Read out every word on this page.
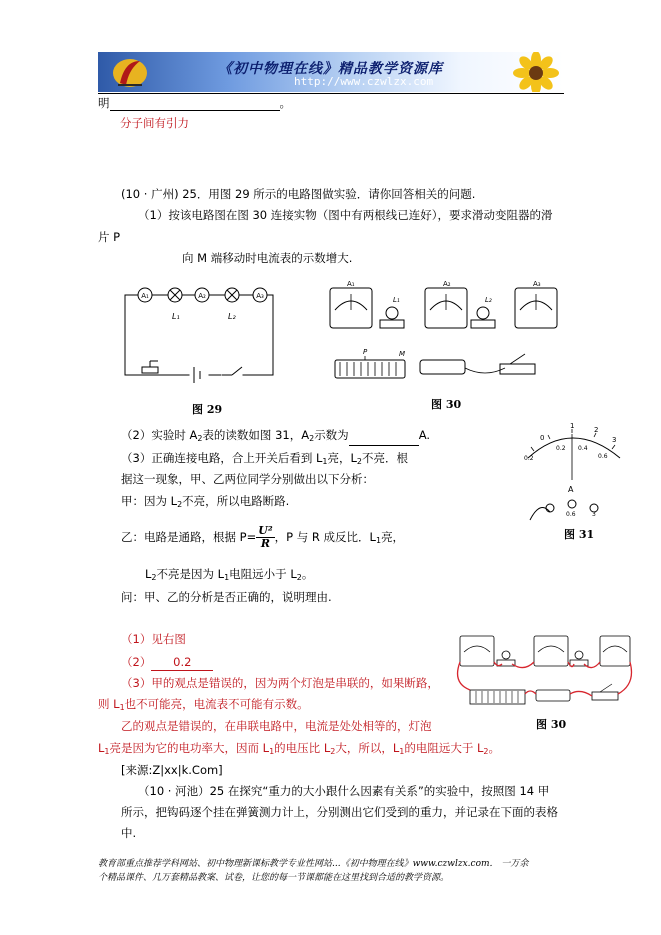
《初中物理在线》精品教学资源库
http://www.czwlzx.com
明	。
分子间有引力
(10 · 广州) 25．用图 29 所示的电路图做实验．请你回答相关的问题.
（1）按该电路图在图 30 连接实物（图中有两根线已连好），要求滑动变阻器的滑
片 P
向 M 端移动时电流表的示数增大.
A₁	A₂	A₃
L₁	L₂
图 29
A₁	A₂	A₃
L₁	L₂
P	M
图 30
（2）实验时 $A_2$表的读数如图 31，$A_2$示数为	A.
（3）正确连接电路，合上开关后看到 $L_1$亮，$L_2$不亮．根
据这一现象，甲、乙两位同学分别做出以下分析：
甲：因为 $L_2$不亮，所以电路断路.
乙：电路是通路，根据 $P= \frac{\text{U²}}{R}$ ，P 与 R 成反比．$L_1$亮，
$L_2$不亮是因为 $L_1$电阻远小于 $L_2$。
问：甲、乙的分析是否正确的，说明理由.
0
1	2
3
0.2
0.2 0.4
0.6
A
0.6	3
图 31
（1）见右图
（2） 0.2
（3）甲的观点是错误的，因为两个灯泡是串联的，如果断路，
则 $L_1$也不可能亮，电流表不可能有示数。
乙的观点是错误的，在串联电路中，电流是处处相等的，灯泡
$L_1$亮是因为它的电功率大，因而 $L_1$的电压比 $L_2$大，所以，$L_1$的电阻远大于 $L_2$。
图 30
[来源:Z|xx|k.Com]
（10 · 河池）25 在探究“重力的大小跟什么因素有关系”的实验中，按照图 14 甲
所示，把钩码逐个挂在弹簧测力计上，分别测出它们受到的重力，并记录在下面的表格
中.
教育部重点推荐学科网站、初中物理新课标教学专业性网站...《初中物理在线》www.czwlzx.com． 一万余
个精品课件、几万套精品教案、试卷，让您的每一节课都能在这里找到合适的教学资源。
